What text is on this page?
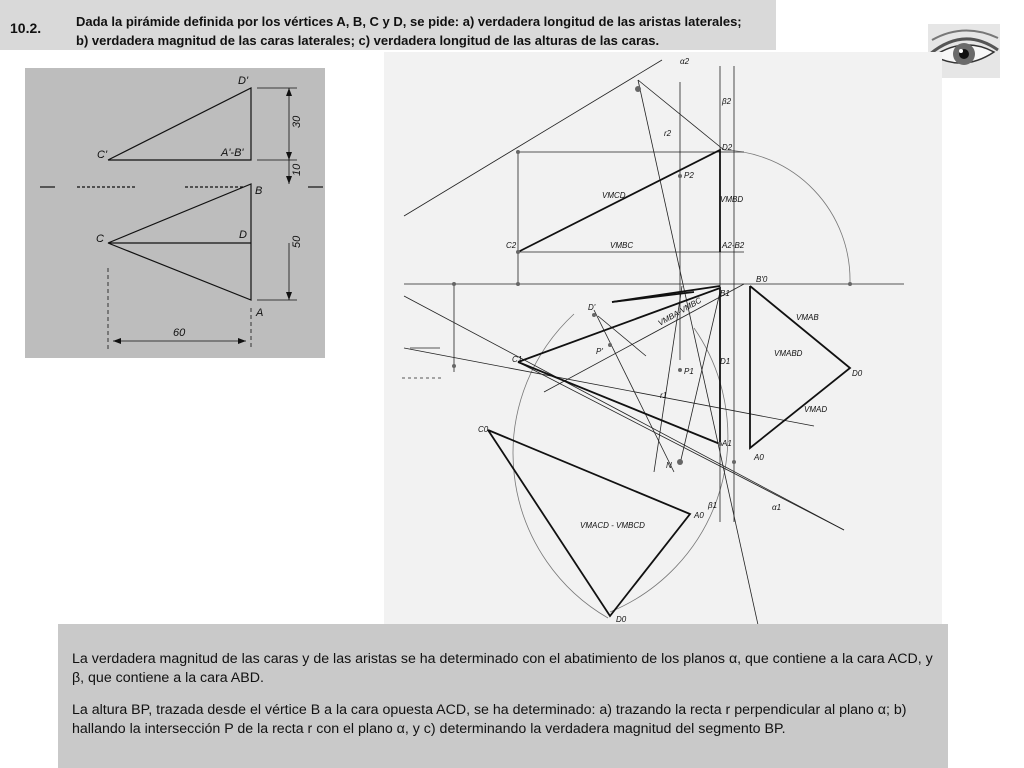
10.2.	Dada la pirámide definida por los vértices A, B, C y D, se pide: a) verdadera longitud de las aristas laterales;
b) verdadera magnitud de las caras laterales; c) verdadera longitud de las alturas de las caras.
D'
C'	A'-B'
B
C	D
A
30
10
50
60
α2
β2
r2
D2
P2
VMCD	VMBD
C2	VMBC	A2-B2
B'0
B1
D'
VMAB
VMBA-VMBC
P'
C1
VMABD
D1
P1	D0
r1
VMAD
C0
A1
A0
N
β1	α1
A0
VMACD - VMBCD
D0

La verdadera magnitud de las caras y de las aristas se ha determinado con el abatimiento de los planos α, que contiene a la cara ACD, y β, que contiene a la cara ABD.

La altura BP, trazada desde el vértice B a la cara opuesta ACD, se ha determinado: a) trazando la recta r perpendicular al plano α; b) hallando la intersección P de la recta r con el plano α, y c) determinando la verdadera magnitud del segmento BP.
